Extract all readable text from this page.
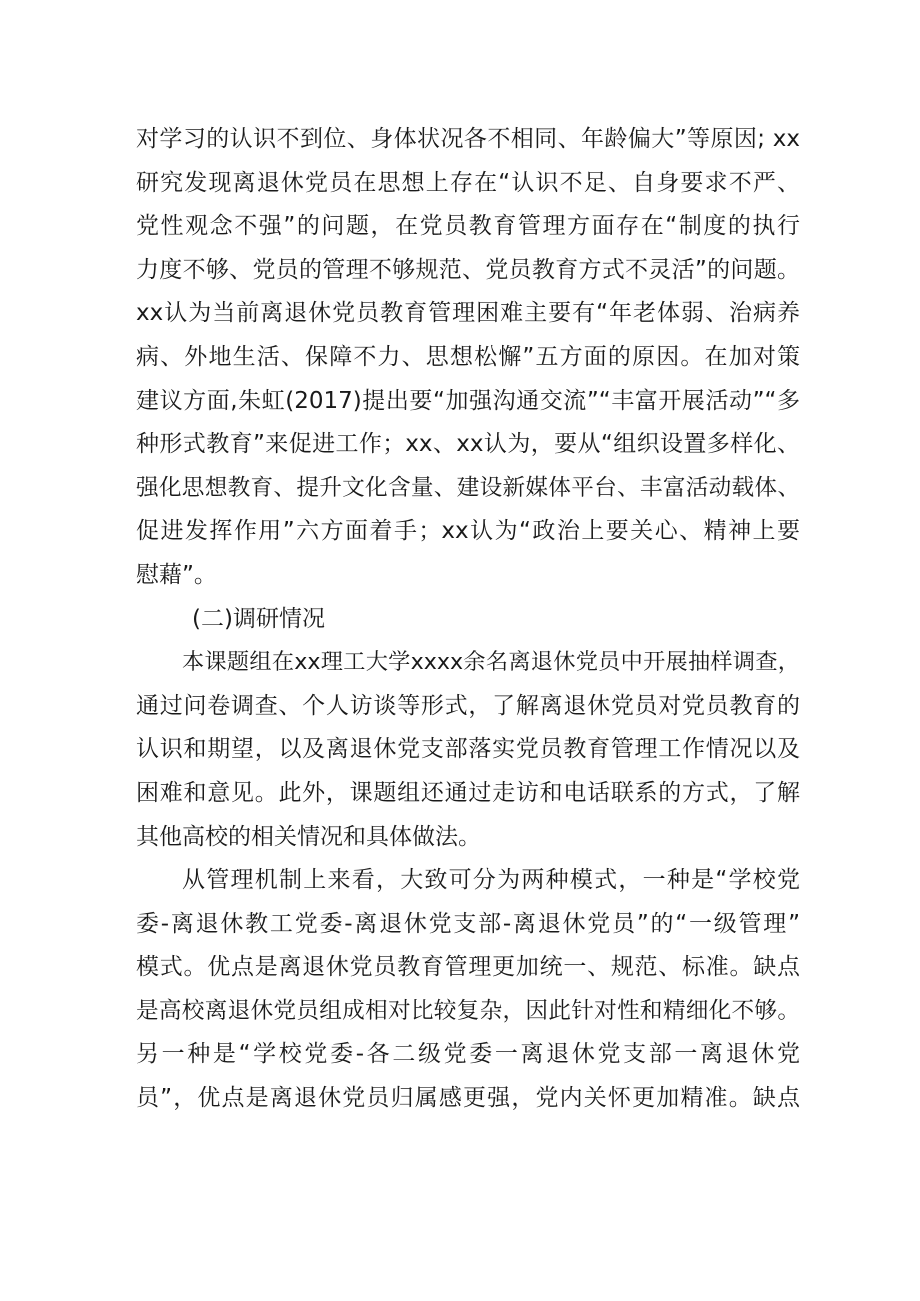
对学习的认识不到位、身体状况各不相同、年龄偏大”等原因; xx
研究发现离退休党员在思想上存在“认识不足、自身要求不严、
党性观念不强”的问题，在党员教育管理方面存在“制度的执行
力度不够、党员的管理不够规范、党员教育方式不灵活”的问题。
xx认为当前离退休党员教育管理困难主要有“年老体弱、治病养
病、外地生活、保障不力、思想松懈”五方面的原因。在加对策
建议方面,朱虹(2017)提出要“加强沟通交流”“丰富开展活动”“多
种形式教育”来促进工作；xx、xx认为，要从“组织设置多样化、
强化思想教育、提升文化含量、建设新媒体平台、丰富活动载体、
促进发挥作用”六方面着手；xx认为“政治上要关心、精神上要
慰藉”。
(二)调研情况
本课题组在xx理工大学xxxx余名离退休党员中开展抽样调查，
通过问卷调查、个人访谈等形式，了解离退休党员对党员教育的
认识和期望，以及离退休党支部落实党员教育管理工作情况以及
困难和意见。此外，课题组还通过走访和电话联系的方式，了解
其他高校的相关情况和具体做法。
从管理机制上来看，大致可分为两种模式，一种是“学校党
委-离退休教工党委-离退休党支部-离退休党员”的“一级管理”
模式。优点是离退休党员教育管理更加统一、规范、标准。缺点
是高校离退休党员组成相对比较复杂，因此针对性和精细化不够。
另一种是“学校党委-各二级党委一离退休党支部一离退休党
员”，优点是离退休党员归属感更强，党内关怀更加精准。缺点
